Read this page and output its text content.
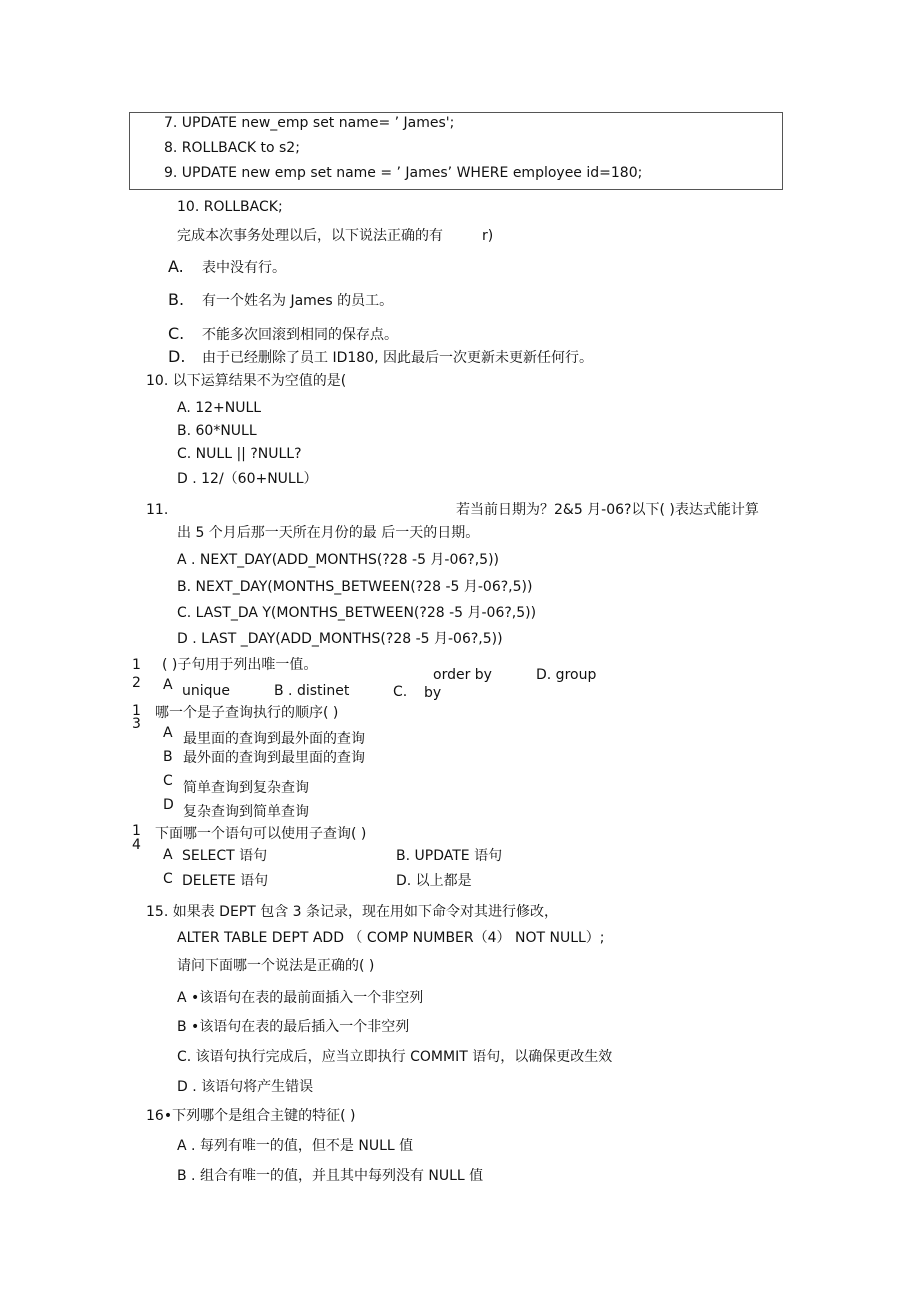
7. UPDATE new_emp set name= ’ James';
8. ROLLBACK to s2;
9. UPDATE new emp set name = ’ James’ WHERE employee id=180;
10. ROLLBACK;
完成本次事务处理以后，以下说法正确的有	r)
A. 表中没有行。
B. 有一个姓名为 James 的员工。
C. 不能多次回滚到相同的保存点。
D. 由于已经删除了员工 ID180, 因此最后一次更新未更新任何行。
10. 以下运算结果不为空值的是(
A. 12+NULL
B. 60*NULL
C. NULL || ?NULL?
D . 12/（60+NULL）
11.	若当前日期为？2&5 月-06?以下( )表达式能计算
出 5 个月后那一天所在月份的最 后一天的日期。
A . NEXT_DAY(ADD_MONTHS(?28 -5 月-06?,5))
B. NEXT_DAY(MONTHS_BETWEEN(?28 -5 月-06?,5))
C. LAST_DA Y(MONTHS_BETWEEN(?28 -5 月-06?,5))
D . LAST _DAY(ADD_MONTHS(?28 -5 月-06?,5))
1
2
( )子句用于列出唯一值。
A unique	B . distinet	C.
order by
by
D. group
1
3
哪一个是子查询执行的顺序( )
A 最里面的查询到最外面的查询
B 最外面的查询到最里面的查询
C 简单查询到复杂查询
D 复杂查询到简单查询
1
4
下面哪一个语句可以使用子查询( )
A SELECT 语句	B. UPDATE 语句
C DELETE 语句	D. 以上都是
15. 如果表 DEPT 包含 3 条记录，现在用如下命令对其进行修改，
ALTER TABLE DEPT ADD （ COMP NUMBER（4） NOT NULL）;
请问下面哪一个说法是正确的( )
A •该语句在表的最前面插入一个非空列
B •该语句在表的最后插入一个非空列
C. 该语句执行完成后，应当立即执行 COMMIT 语句，以确保更改生效
D . 该语句将产生错误
16•下列哪个是组合主键的特征( )
A . 每列有唯一的值，但不是 NULL 值
B . 组合有唯一的值，并且其中每列没有 NULL 值
